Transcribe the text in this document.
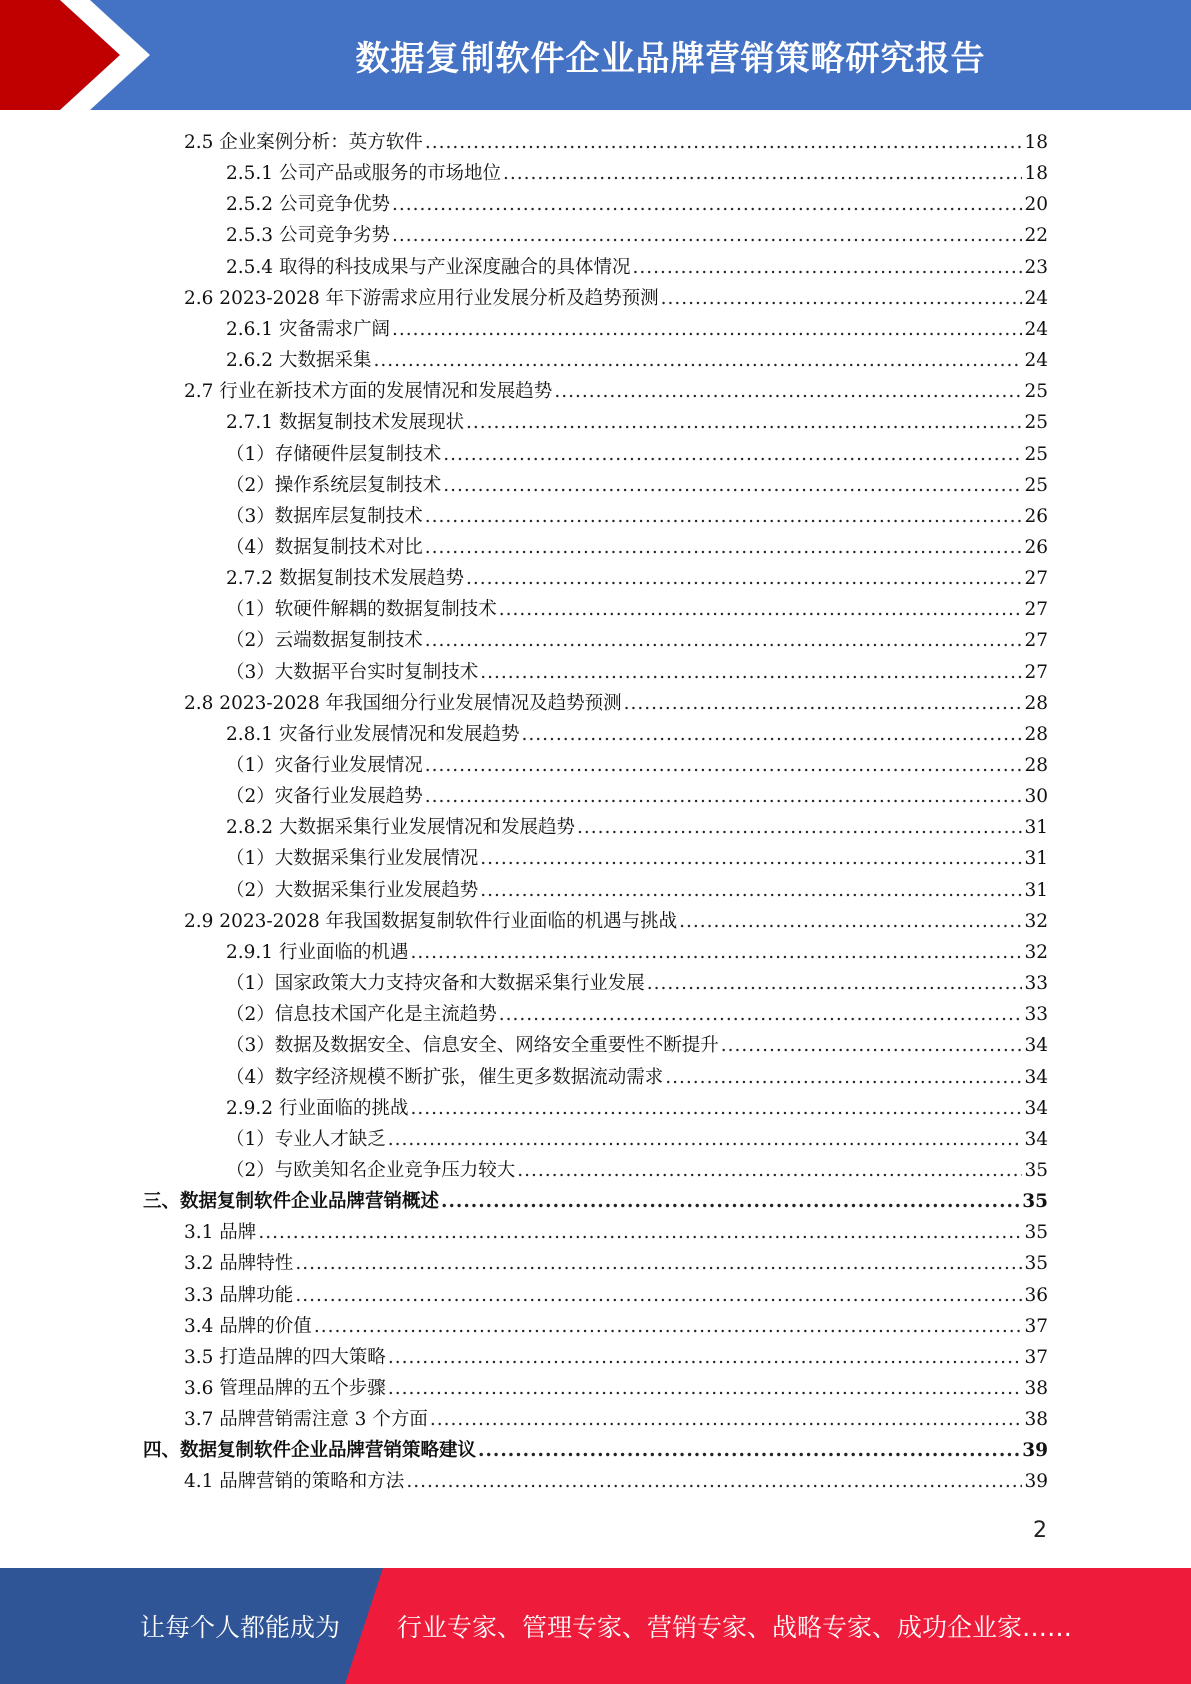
数据复制软件企业品牌营销策略研究报告
2.5 企业案例分析：英方软件 .....	18
2.5.1 公司产品或服务的市场地位 .....	18
2.5.2 公司竞争优势 .....	20
2.5.3 公司竞争劣势 .....	22
2.5.4 取得的科技成果与产业深度融合的具体情况 .....	23
2.6 2023-2028 年下游需求应用行业发展分析及趋势预测 .....	24
2.6.1 灾备需求广阔 .....	24
2.6.2 大数据采集 .....	24
2.7 行业在新技术方面的发展情况和发展趋势 .....	25
2.7.1 数据复制技术发展现状 .....	25
（1）存储硬件层复制技术 .....	25
（2）操作系统层复制技术 .....	25
（3）数据库层复制技术 .....	26
（4）数据复制技术对比 .....	26
2.7.2 数据复制技术发展趋势 .....	27
（1）软硬件解耦的数据复制技术 .....	27
（2）云端数据复制技术 .....	27
（3）大数据平台实时复制技术 .....	27
2.8 2023-2028 年我国细分行业发展情况及趋势预测 .....	28
2.8.1 灾备行业发展情况和发展趋势 .....	28
（1）灾备行业发展情况 .....	28
（2）灾备行业发展趋势 .....	30
2.8.2 大数据采集行业发展情况和发展趋势 .....	31
（1）大数据采集行业发展情况 .....	31
（2）大数据采集行业发展趋势 .....	31
2.9 2023-2028 年我国数据复制软件行业面临的机遇与挑战 .....	32
2.9.1 行业面临的机遇 .....	32
（1）国家政策大力支持灾备和大数据采集行业发展 .....	33
（2）信息技术国产化是主流趋势 .....	33
（3）数据及数据安全、信息安全、网络安全重要性不断提升 .....	34
（4）数字经济规模不断扩张，催生更多数据流动需求 .....	34
2.9.2 行业面临的挑战 .....	34
（1）专业人才缺乏 .....	34
（2）与欧美知名企业竞争压力较大 .....	35
三、数据复制软件企业品牌营销概述 .....	35
3.1 品牌 .....	35
3.2 品牌特性 .....	35
3.3 品牌功能 .....	36
3.4 品牌的价值 .....	37
3.5 打造品牌的四大策略 .....	37
3.6 管理品牌的五个步骤 .....	38
3.7 品牌营销需注意 3 个方面 .....	38
四、数据复制软件企业品牌营销策略建议 .....	39
4.1 品牌营销的策略和方法 .....	39
2
让每个人都能成为 行业专家、管理专家、营销专家、战略专家、成功企业家……
